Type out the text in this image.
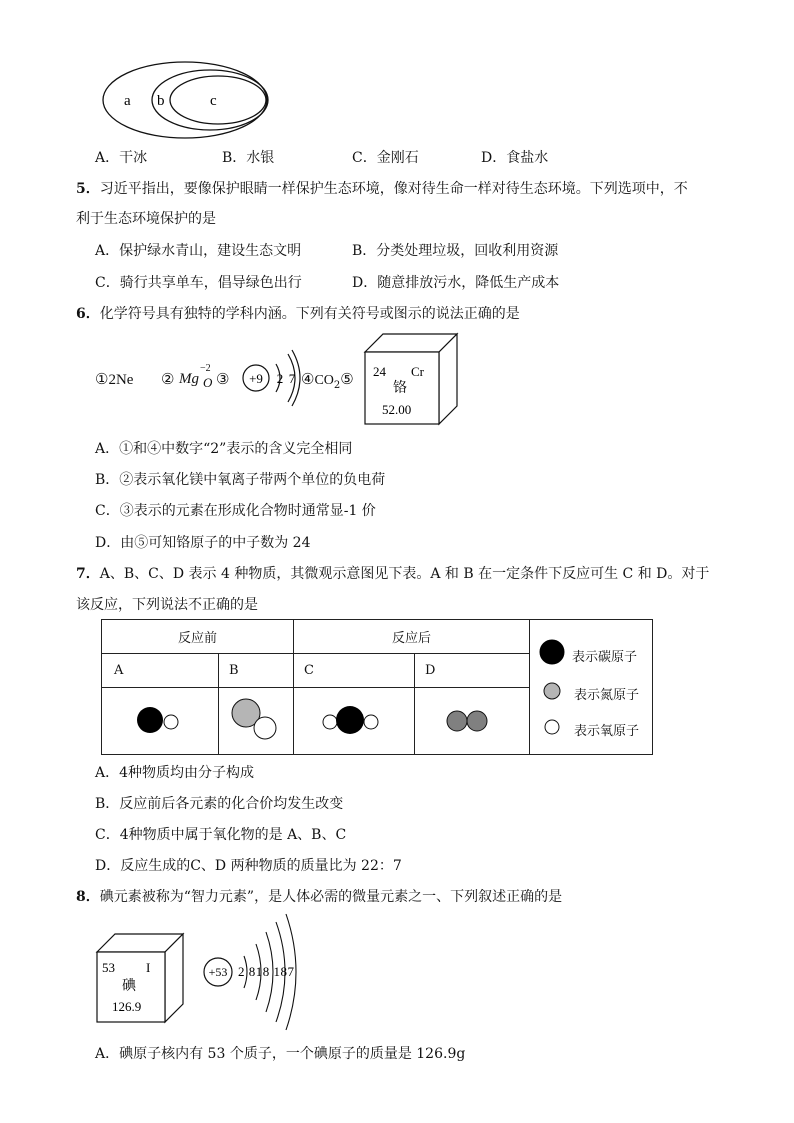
a b	c
A．干冰	B．水银	C．金刚石	D．食盐水
5．习近平指出，要像保护眼睛一样保护生态环境，像对待生命一样对待生态环境。下列选项中，不
利于生态环境保护的是
A．保护绿水青山，建设生态文明	B．分类处理垃圾，回收利用资源
C．骑行共享单车，倡导绿色出行	D．随意排放污水，降低生产成本
6．化学符号具有独特的学科内涵。下列有关符号或图示的说法正确的是
①2Ne ② Mg O
−2
③ +9 2 7 $④CO_2⑤$ 24 Cr
铬
52.00
A．①和④中数字“2”表示的含义完全相同
B．②表示氧化镁中氧离子带两个单位的负电荷
C．③表示的元素在形成化合物时通常显-1 价
D．由⑤可知铬原子的中子数为 24
7．A、B、C、D 表示 4 种物质，其微观示意图见下表。A 和 B 在一定条件下反应可生 C 和 D。对于
该反应，下列说法不正确的是
反应前		反应后		表示碳原子
表示氮原子
表示氧原子

A	B	C	D	

A．4种物质均由分子构成
B．反应前后各元素的化合价均发生改变
C．4种物质中属于氧化物的是 A、B、C
D．反应生成的C、D 两种物质的质量比为 22：7
8．碘元素被称为“智力元素”，是人体必需的微量元素之一、下列叙述正确的是
53 I
碘
126.9
+53 2 818 187
A．碘原子核内有 53 个质子，一个碘原子的质量是 126.9g
